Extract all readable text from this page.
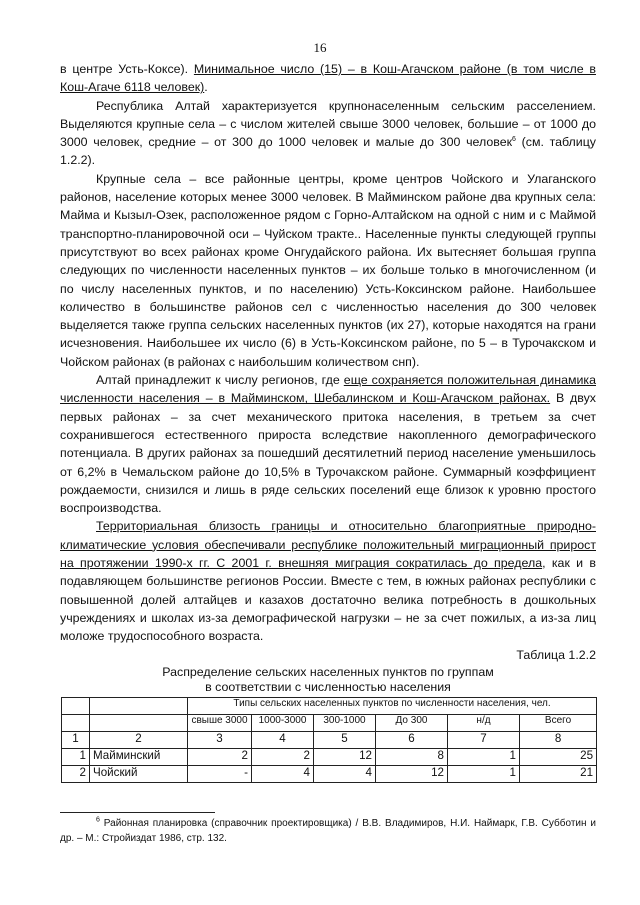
16

в центре Усть-Коксе). Минимальное число (15) – в Кош-Агачском районе (в том числе в Кош-Агаче 6118 человек).

Республика Алтай характеризуется крупнонаселенным сельским расселением. Выделяются крупные села – с числом жителей свыше 3000 человек, большие – от 1000 до 3000 человек, средние – от 300 до 1000 человек и малые до 300 человек$^6$ (см. таблицу 1.2.2).

Крупные села – все районные центры, кроме центров Чойского и Улаганского районов, население которых менее 3000 человек. В Майминском районе два крупных села: Майма и Кызыл-Озек, расположенное рядом с Горно-Алтайском на одной с ним и с Маймой транспортно-планировочной оси – Чуйском тракте.. Населенные пункты следующей группы присутствуют во всех районах кроме Онгудайского района. Их вытесняет большая группа следующих по численности населенных пунктов – их больше только в многочисленном (и по числу населенных пунктов, и по населению) Усть-Коксинском районе. Наибольшее количество в большинстве районов сел с численностью населения до 300 человек выделяется также группа сельских населенных пунктов (их 27), которые находятся на грани исчезновения. Наибольшее их число (6) в Усть-Коксинском районе, по 5 – в Турочакском и Чойском районах (в районах с наибольшим количеством снп).

Алтай принадлежит к числу регионов, где еще сохраняется положительная динамика численности населения – в Майминском, Шебалинском и Кош-Агачском районах. В двух первых районах – за счет механического притока населения, в третьем за счет сохранившегося естественного прироста вследствие накопленного демографического потенциала. В других районах за пошедший десятилетний период население уменьшилось от 6,2% в Чемальском районе до 10,5% в Турочакском районе. Суммарный коэффициент рождаемости, снизился и лишь в ряде сельских поселений еще близок к уровню простого воспроизводства.

Территориальная близость границы и относительно благоприятные природно-климатические условия обеспечивали республике положительный миграционный прирост на протяжении 1990-х гг. С 2001 г. внешняя миграция сократилась до предела, как и в подавляющем большинстве регионов России. Вместе с тем, в южных районах республики с повышенной долей алтайцев и казахов достаточно велика потребность в дошкольных учреждениях и школах из-за демографической нагрузки – не за счет пожилых, а из-за лиц моложе трудоспособного возраста.

Таблица 1.2.2
Распределение сельских населенных пунктов по группам
в соответствии с численностью населения
		Типы сельских населенных пунктов по численности населения, чел.					
		свыше 3000	1000-3000	300-1000	До 300	н/д	Всего
1	2	3	4	5	6	7	8
1	Майминский	2	2	12	8	1	25
2	Чойский	-	4	4	12	1	21
$^6$ Районная планировка (справочник проектировщика) / В.В. Владимиров, Н.И. Наймарк, Г.В. Субботин и др. – М.: Стройиздат 1986, стр. 132.
